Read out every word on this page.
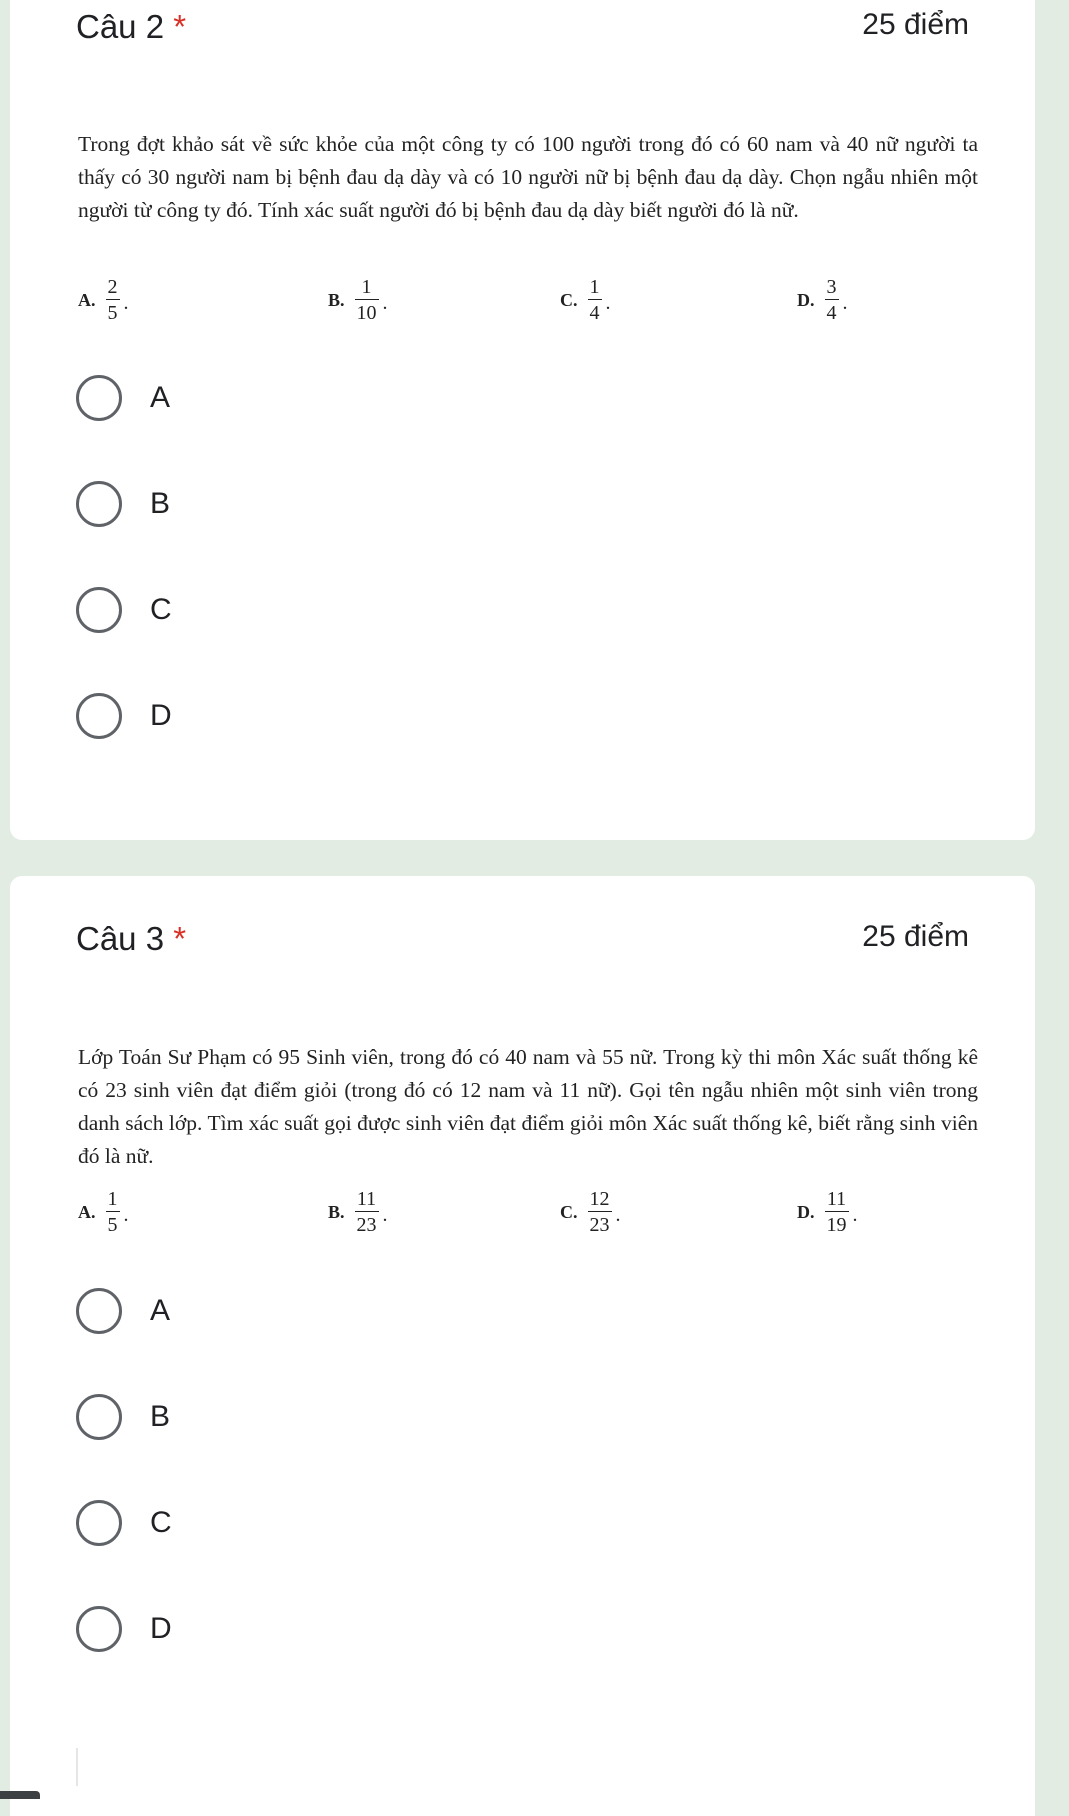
Câu 2 *	25 điểm
Trong đợt khảo sát về sức khỏe của một công ty có 100 người trong đó có 60 nam và 40 nữ người ta thấy có 30 người nam bị bệnh đau dạ dày và có 10 người nữ bị bệnh đau dạ dày. Chọn ngẫu nhiên một người từ công ty đó. Tính xác suất người đó bị bệnh đau dạ dày biết người đó là nữ.
A. $\frac{2}{5}$ .	B. $\frac{1}{10}$ .	C. $\frac{1}{4}$ .	D. $\frac{3}{4}$ .
A
B
C
D
Câu 3 *	25 điểm
Lớp Toán Sư Phạm có 95 Sinh viên, trong đó có 40 nam và 55 nữ. Trong kỳ thi môn Xác suất thống kê có 23 sinh viên đạt điểm giỏi (trong đó có 12 nam và 11 nữ). Gọi tên ngẫu nhiên một sinh viên trong danh sách lớp. Tìm xác suất gọi được sinh viên đạt điểm giỏi môn Xác suất thống kê, biết rằng sinh viên đó là nữ.
A. $\frac{1}{5}$ .	B. $\frac{11}{23}$ .	C. $\frac{12}{23}$ .	D. $\frac{11}{19}$ .
A
B
C
D
